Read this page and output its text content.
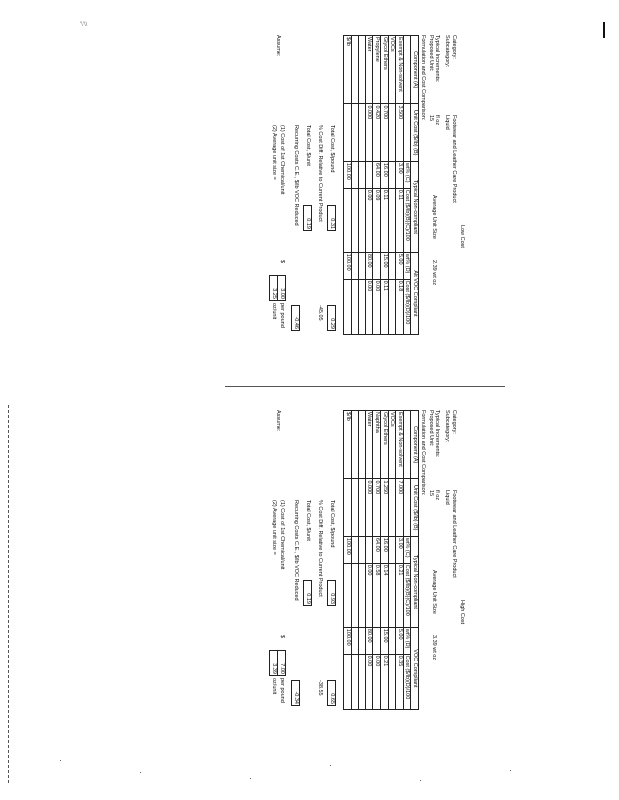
'\'\\
Low Cost
Category:
Footwear and Leather Care Product
Subcategory:
Liquid
Typical Increments:
fl oz
Proposed Unit:
15
Average Unit Size
2.39 wt oz
Formulation and Cost Comparison:
Component (A)	Unit Cost ($/lb) (B)	Typical Non-compliant		Alt VOC Compliant	
		wt% (C)	Cost ($/lb)(B)(C)/100	wt% (D)	Cost ($/lb)(D)/100
Exempt & Non-solvent	3.500	3.00	0.11	5.00	0.18
VOCs					
Glycol Ethers	0.700	16.00	0.11	15.00	0.11
Propylene	0.420	64.00	0.09		0.00
Water	0.000		0.00	80.00	0.00

$/lb		100.00		100.00	
Total Cost, $/pound
0.31
0.29
% Cost Diff. Relative to Current Product
-45.05
Total Cost, $/unit
0.19
Recurring Costs C.E., $/lb VOC Reduced
-0.46
Assume:
(1) Cost of 1st Chemical/unit
(2) Average unit size =
$
3.00
per pound
3.25
oz/unit
High Cost
Category:
Footwear and Leather Care Product
Subcategory:
Liquid
Typical Increments:
fl oz
Proposed Unit:
15
Average Unit Size
3.39 wt oz
Formulation and Cost Comparison:
Component (A)	Unit Cost ($/lb) (B)	Typical Non-compliant		VOC Compliant	
		wt% (C)	Cost ($/lb)(B)(C)/100	wt% (D)	Cost ($/lb)(D)/100
Exempt & Non-solvent	7.000	3.00	0.21	5.00	0.35
VOCs					
Glycol Ethers	1.250	16.00	0.14	15.00	0.21
Naphtha	0.700	64.00	0.58		0.00
Water	0.000		0.00	80.00	0.00

$/lb		100.00		100.00	
Total Cost, $/pound
0.93
0.65
% Cost Diff. Relative to Current Product
-38.55
Total Cost, $/unit
0.19
Recurring Costs C.E., $/lb VOC Reduced
-0.34
Assume:
(1) Cost of 1st Chemical/unit
(2) Average unit size =
$
7.00
per pound
3.39
oz/unit
